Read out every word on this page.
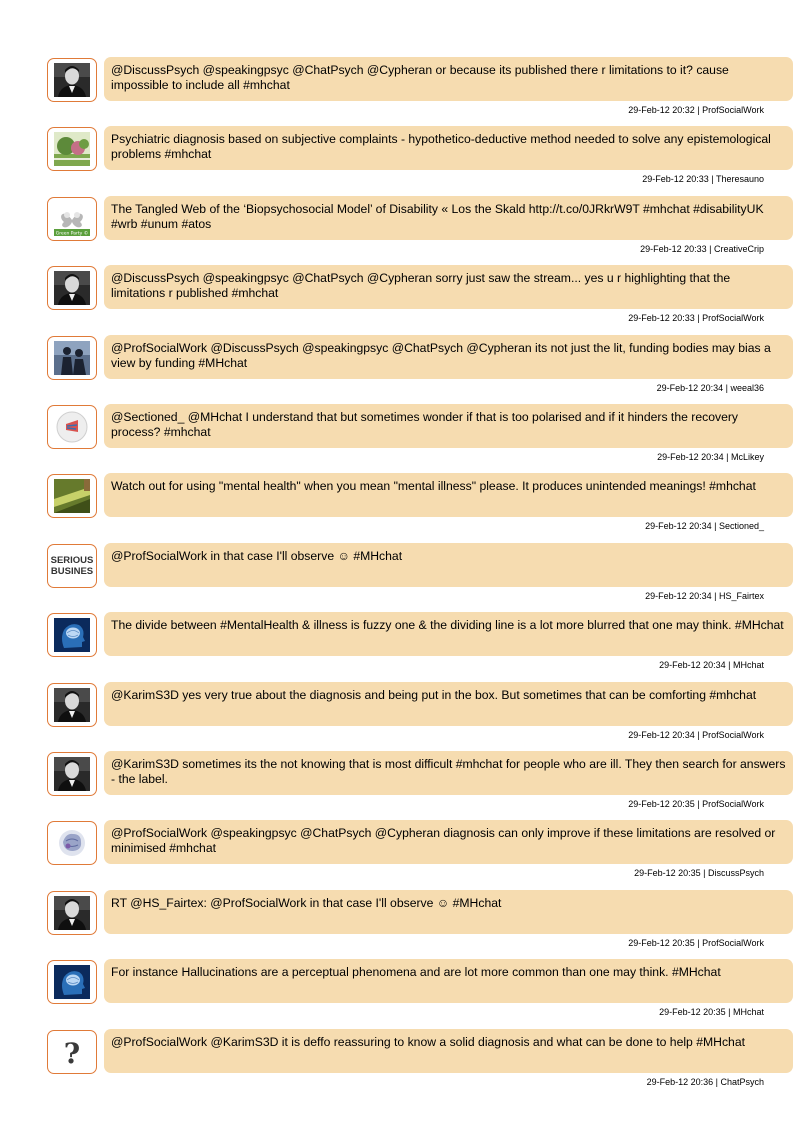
@DiscussPsych @speakingpsyc @ChatPsych @Cypheran or because its published there r limitations to it? cause impossible to include all #mhchat
29-Feb-12 20:32 | ProfSocialWork
Psychiatric diagnosis based on subjective complaints - hypothetico-deductive method needed to solve any epistemological problems #mhchat
29-Feb-12 20:33 | Theresauno
Green Party ©
The Tangled Web of the ‘Biopsychosocial Model’ of Disability « Los the Skald http://t.co/0JRkrW9T #mhchat #disabilityUK #wrb #unum #atos
29-Feb-12 20:33 | CreativeCrip
@DiscussPsych @speakingpsyc @ChatPsych @Cypheran sorry just saw the stream... yes u r highlighting that the limitations r published #mhchat
29-Feb-12 20:33 | ProfSocialWork
@ProfSocialWork @DiscussPsych @speakingpsyc @ChatPsych @Cypheran its not just the lit, funding bodies may bias a view by funding #MHchat
29-Feb-12 20:34 | weeal36
@Sectioned_ @MHchat I understand that but sometimes wonder if that is too polarised and if it hinders the recovery process? #mhchat
29-Feb-12 20:34 | McLikey
Watch out for using "mental health" when you mean "mental illness" please. It produces unintended meanings! #mhchat
29-Feb-12 20:34 | Sectioned_
SERIOUS
BUSINES
@ProfSocialWork in that case I'll observe ☺ #MHchat
29-Feb-12 20:34 | HS_Fairtex
The divide between #MentalHealth & illness is fuzzy one & the dividing line is a lot more blurred that one may think. #MHchat
29-Feb-12 20:34 | MHchat
@KarimS3D yes very true about the diagnosis and being put in the box. But sometimes that can be comforting #mhchat
29-Feb-12 20:34 | ProfSocialWork
@KarimS3D sometimes its the not knowing that is most difficult #mhchat for people who are ill. They then search for answers - the label.
29-Feb-12 20:35 | ProfSocialWork
@ProfSocialWork @speakingpsyc @ChatPsych @Cypheran diagnosis can only improve if these limitations are resolved or minimised #mhchat
29-Feb-12 20:35 | DiscussPsych
RT @HS_Fairtex: @ProfSocialWork in that case I'll observe ☺ #MHchat
29-Feb-12 20:35 | ProfSocialWork
For instance Hallucinations are a perceptual phenomena and are lot more common than one may think. #MHchat
29-Feb-12 20:35 | MHchat
?	@ProfSocialWork @KarimS3D it is deffo reassuring to know a solid diagnosis and what can be done to help #MHchat
29-Feb-12 20:36 | ChatPsych
